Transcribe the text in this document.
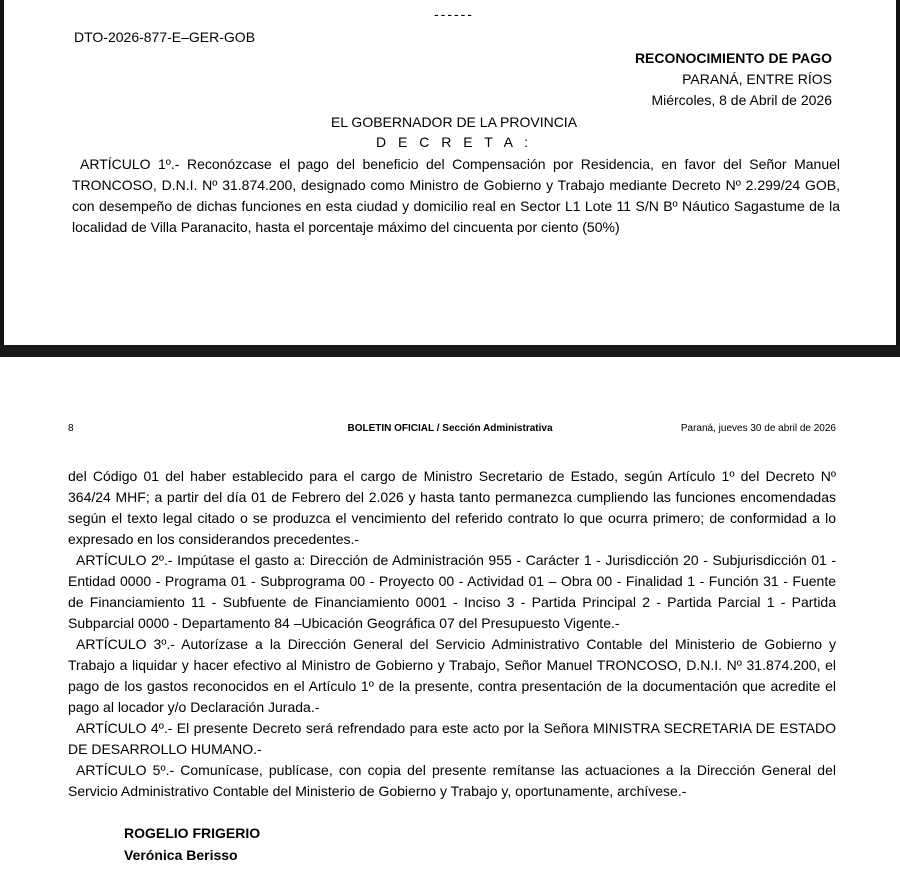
------
DTO-2026-877-E–GER-GOB
RECONOCIMIENTO DE PAGO
PARANÁ, ENTRE RÍOS
Miércoles, 8 de Abril de 2026
EL GOBERNADOR DE LA PROVINCIA
D E C R E T A :

ARTÍCULO 1º.- Reconózcase el pago del beneficio del Compensación por Residencia, en favor del Señor Manuel TRONCOSO, D.N.I. Nº 31.874.200, designado como Ministro de Gobierno y Trabajo mediante Decreto Nº 2.299/24 GOB, con desempeño de dichas funciones en esta ciudad y domicilio real en Sector L1 Lote 11 S/N Bº Náutico Sagastume de la localidad de Villa Paranacito, hasta el porcentaje máximo del cincuenta por ciento (50%)

8	BOLETIN OFICIAL / Sección Administrativa	Paraná, jueves 30 de abril de 2026

del Código 01 del haber establecido para el cargo de Ministro Secretario de Estado, según Artículo 1º del Decreto Nº 364/24 MHF; a partir del día 01 de Febrero del 2.026 y hasta tanto permanezca cumpliendo las funciones encomendadas según el texto legal citado o se produzca el vencimiento del referido contrato lo que ocurra primero; de conformidad a lo expresado en los considerandos precedentes.-

ARTÍCULO 2º.- Impútase el gasto a: Dirección de Administración 955 - Carácter 1 - Jurisdicción 20 - Subjurisdicción 01 - Entidad 0000 - Programa 01 - Subprograma 00 - Proyecto 00 - Actividad 01 – Obra 00 - Finalidad 1 - Función 31 - Fuente de Financiamiento 11 - Subfuente de Financiamiento 0001 - Inciso 3 - Partida Principal 2 - Partida Parcial 1 - Partida Subparcial 0000 - Departamento 84 –Ubicación Geográfica 07 del Presupuesto Vigente.-

ARTÍCULO 3º.- Autorízase a la Dirección General del Servicio Administrativo Contable del Ministerio de Gobierno y Trabajo a liquidar y hacer efectivo al Ministro de Gobierno y Trabajo, Señor Manuel TRONCOSO, D.N.I. Nº 31.874.200, el pago de los gastos reconocidos en el Artículo 1º de la presente, contra presentación de la documentación que acredite el pago al locador y/o Declaración Jurada.-

ARTÍCULO 4º.- El presente Decreto será refrendado para este acto por la Señora MINISTRA SECRETARIA DE ESTADO DE DESARROLLO HUMANO.-

ARTÍCULO 5º.- Comunícase, publícase, con copia del presente remítanse las actuaciones a la Dirección General del Servicio Administrativo Contable del Ministerio de Gobierno y Trabajo y, oportunamente, archívese.-

ROGELIO FRIGERIO
Verónica Berisso
